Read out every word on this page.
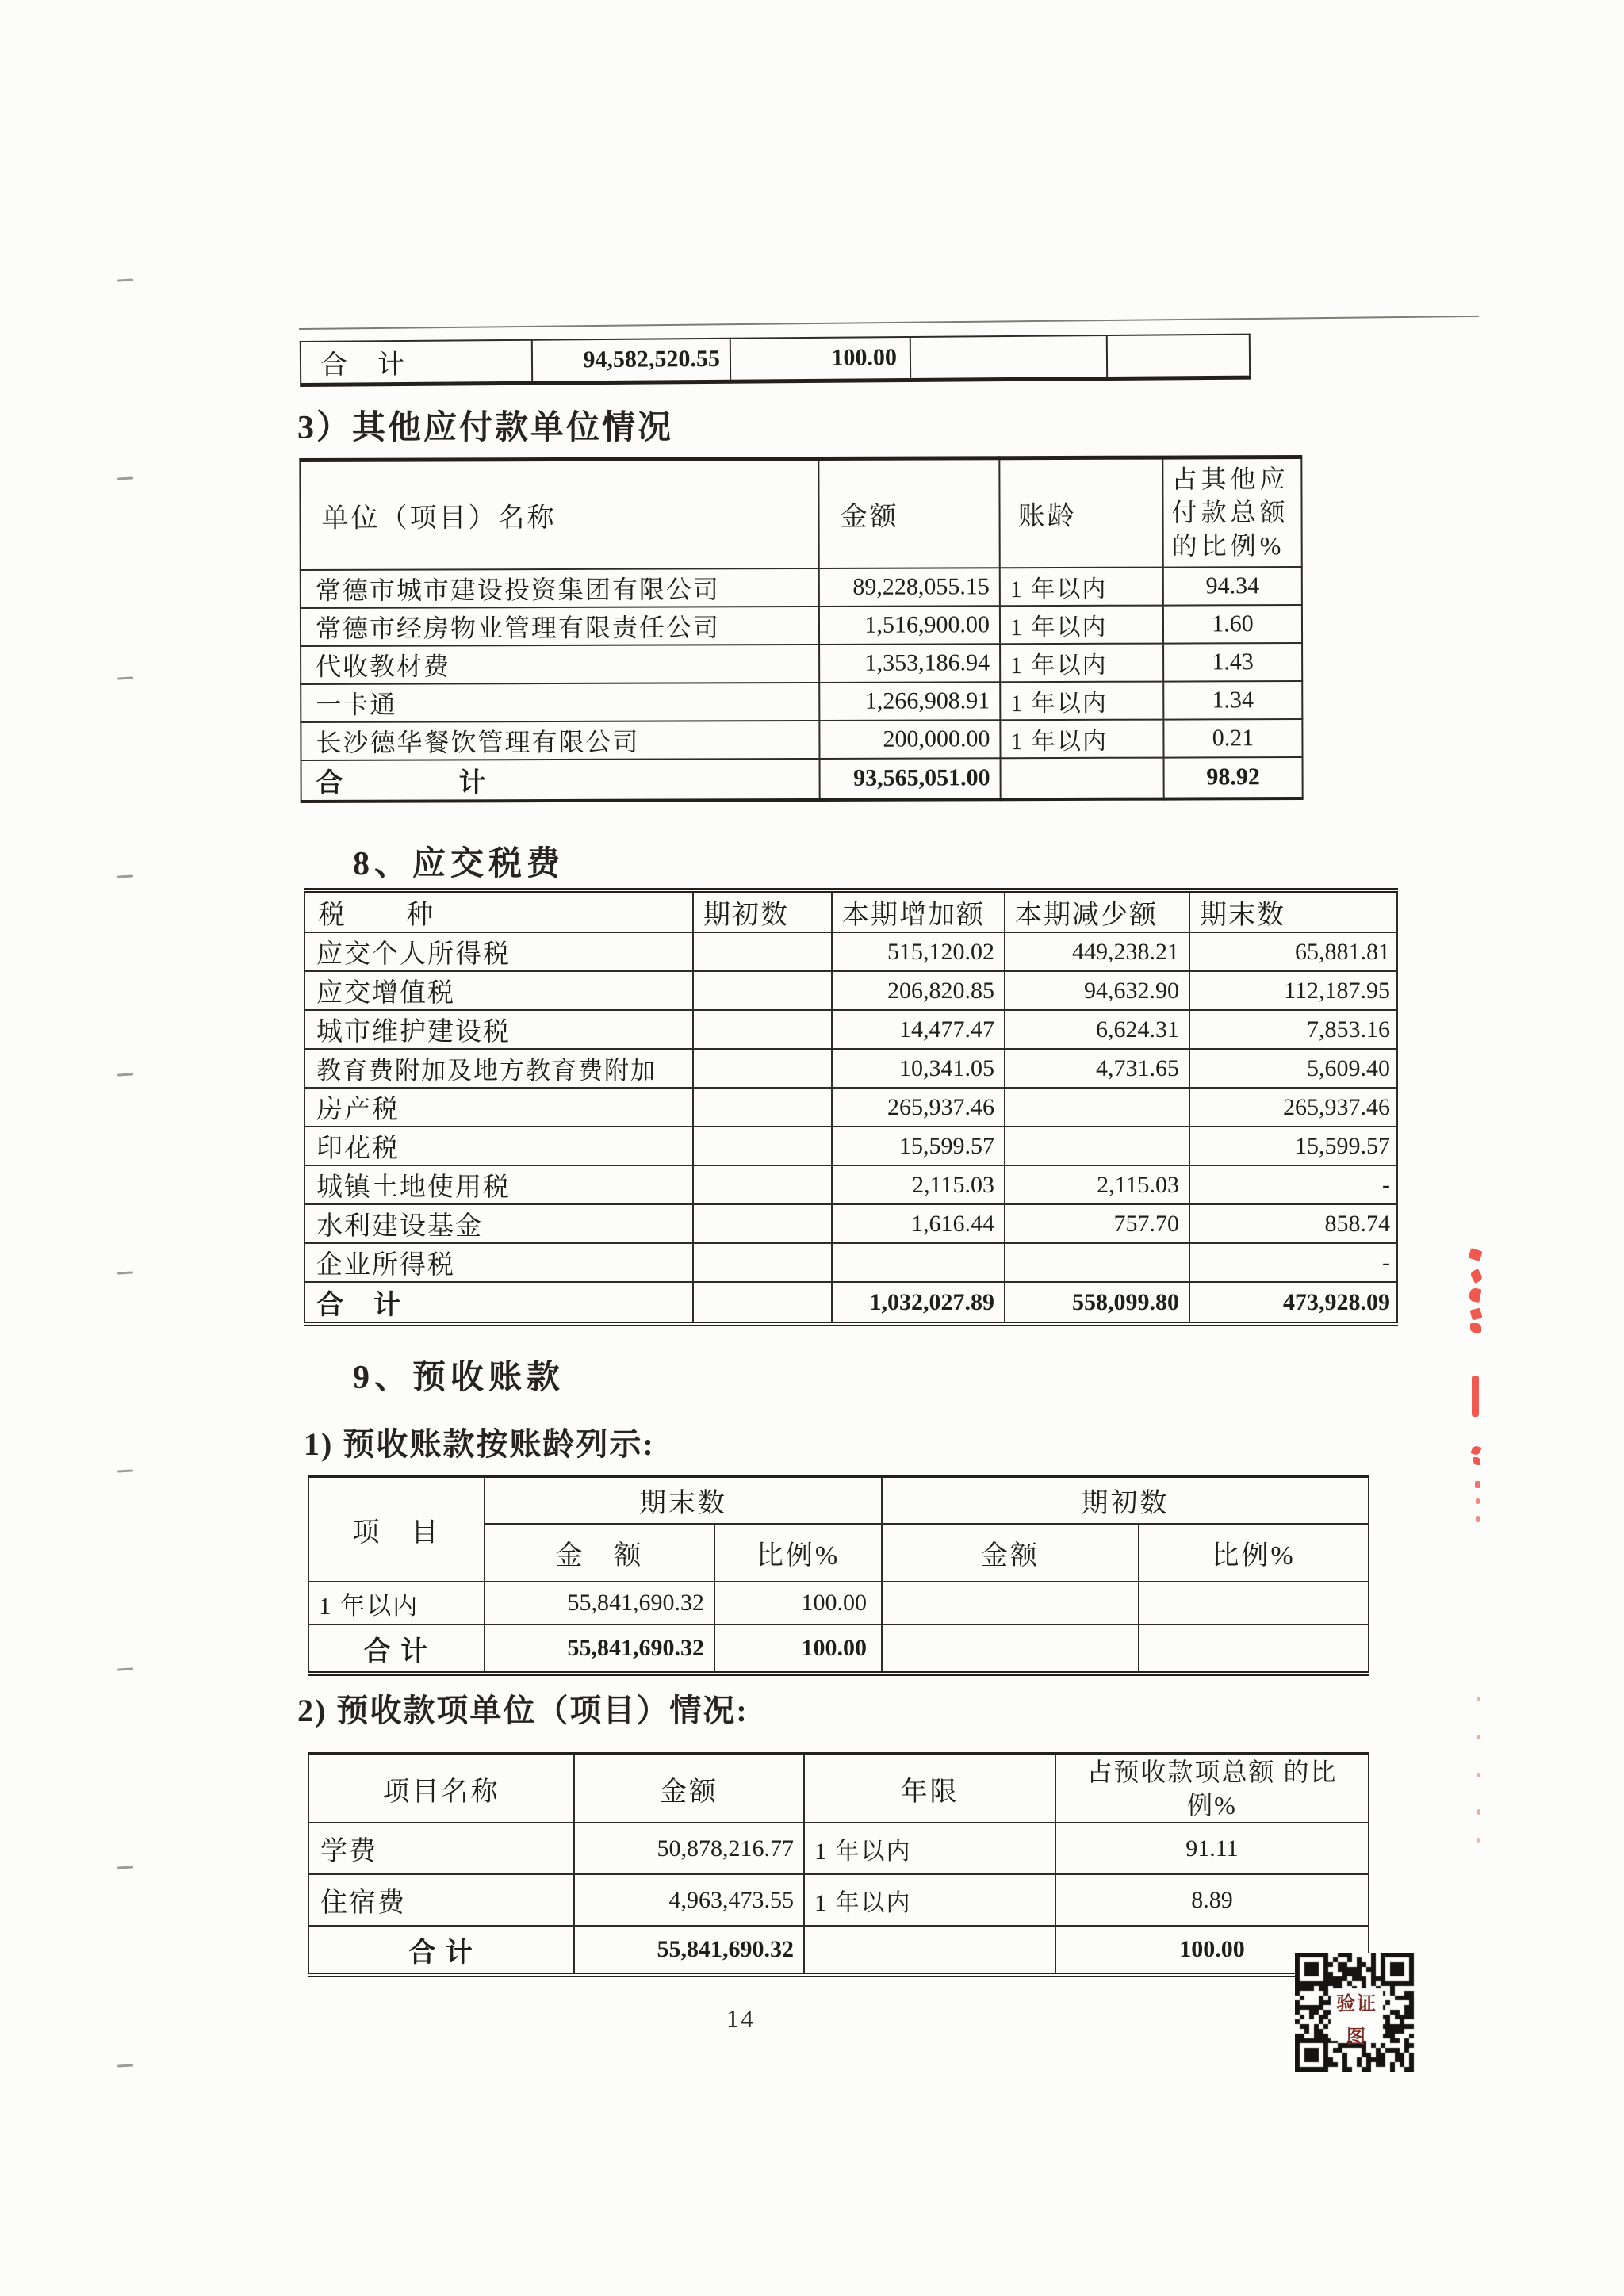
合　计	94,582,520.55	100.00		
3）其他应付款单位情况
单位（项目）名称	金额	账龄	占其他应
付款总额
的比例%

常德市城市建设投资集团有限公司	89,228,055.15	1 年以内	94.34
常德市经房物业管理有限责任公司	1,516,900.00	1 年以内	1.60
代收教材费	1,353,186.94	1 年以内	1.43
一卡通	1,266,908.91	1 年以内	1.34
长沙德华餐饮管理有限公司	200,000.00	1 年以内	0.21
合　　　　计	93,565,051.00		98.92
8、应交税费
税　　种	期初数	本期增加额	本期减少额	期末数
应交个人所得税		515,120.02	449,238.21	65,881.81
应交增值税		206,820.85	94,632.90	112,187.95
城市维护建设税		14,477.47	6,624.31	7,853.16
教育费附加及地方教育费附加		10,341.05	4,731.65	5,609.40
房产税		265,937.46		265,937.46
印花税		15,599.57		15,599.57
城镇土地使用税		2,115.03	2,115.03	-
水利建设基金		1,616.44	757.70	858.74
企业所得税				-
合　计		1,032,027.89	558,099.80	473,928.09
9、预收账款
1) 预收账款按账龄列示:
项　目	期末数		期初数	
	金　额	比例%	金额	比例%
1 年以内	55,841,690.32	100.00		
合 计	55,841,690.32	100.00		
2) 预收款项单位（项目）情况:
项目名称	金额	年限	占预收款项总额 的比
例%

学费	50,878,216.77	1 年以内	91.11
住宿费	4,963,473.55	1 年以内	8.89
合 计	55,841,690.32		100.00
14	验证
图
